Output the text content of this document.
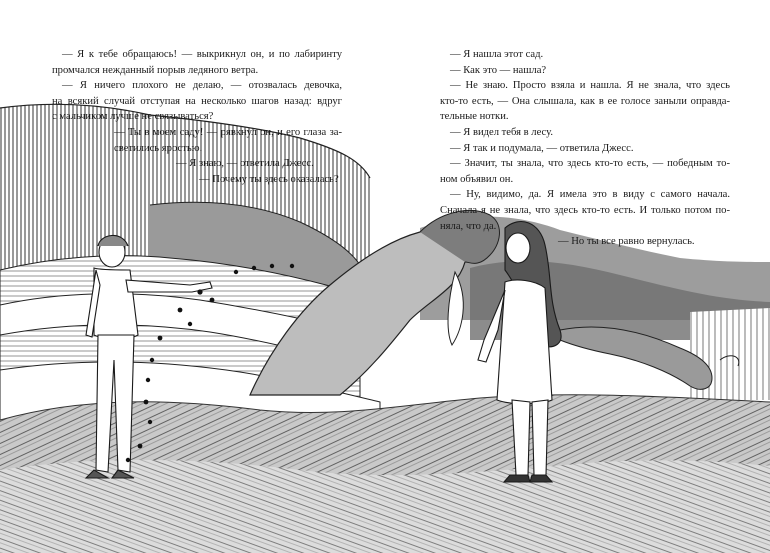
— Я к тебе обращаюсь! — выкрикнул он, и по лабиринту
промчался нежданный порыв ледяного ветра.
— Я ничего плохого не делаю, — отозвалась девочка,
на всякий случай отступая на несколько шагов назад: вдруг
с мальчиком лучше не связываться?
— Ты в моем саду! — рявкнул он, и его глаза за-
светились яростью.
— Я знаю, — ответила Джесс.
— Почему ты здесь оказалась?
— Я нашла этот сад.
— Как это — нашла?
— Не знаю. Просто взяла и нашла. Я не знала, что здесь
кто-то есть, — Она слышала, как в ее голосе заныли оправда-
тельные нотки.
— Я видел тебя в лесу.
— Я так и подумала, — ответила Джесс.
— Значит, ты знала, что здесь кто-то есть, — победным то-
ном объявил он.
— Ну, видимо, да. Я имела это в виду с самого начала.
Сначала я не знала, что здесь кто-то есть. И только потом по-
няла, что да.
— Но ты все равно вернулась.
